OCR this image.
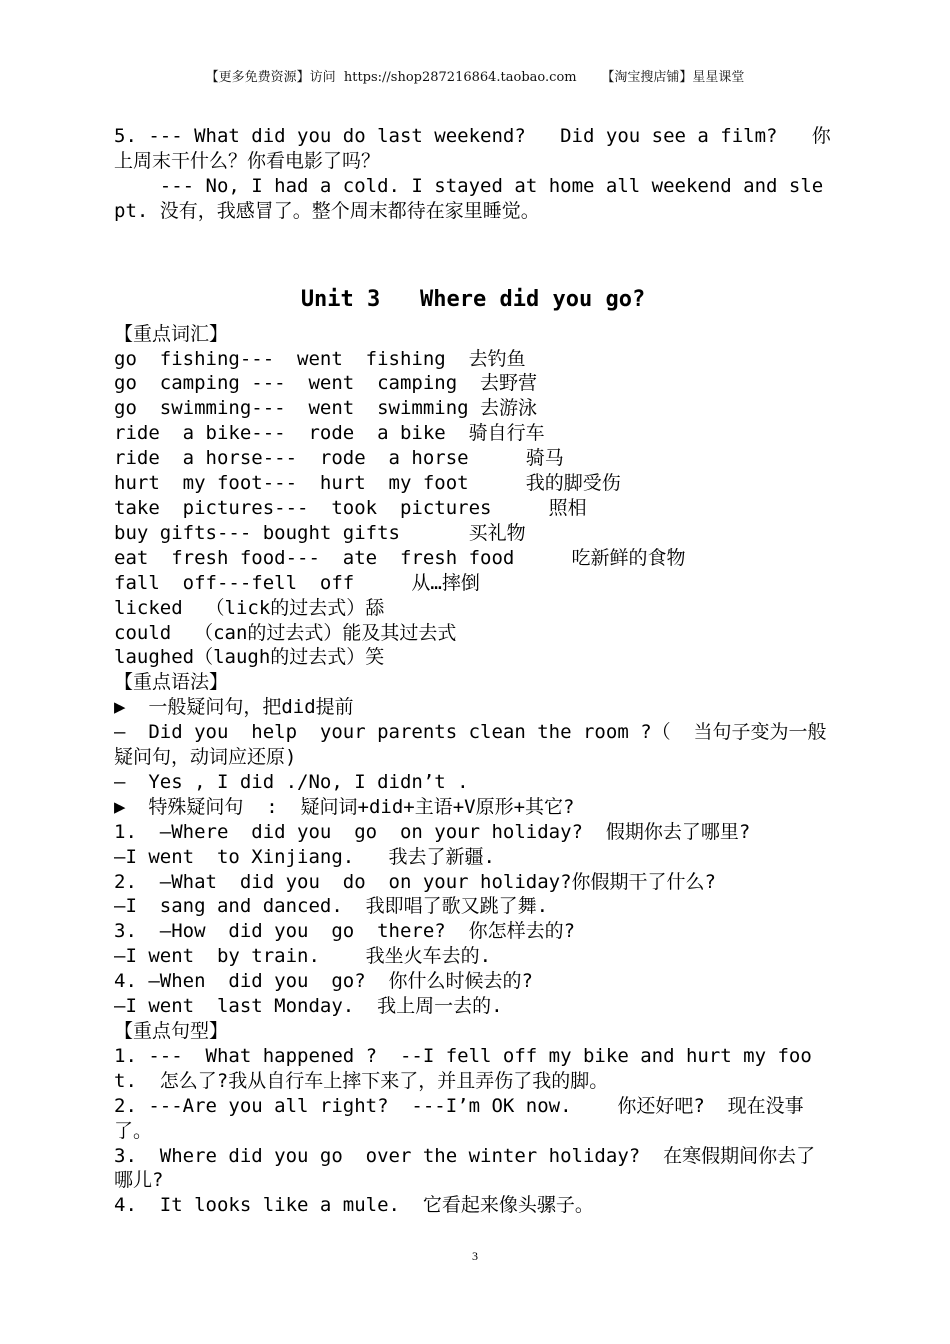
【更多免费资源】访问  https://shop287216864.taobao.com      【淘宝搜店铺】星星课堂

5. --- What did you do last weekend?   Did you see a film?   你上周末干什么？你看电影了吗？

--- No, I had a cold. I stayed at home all weekend and slept. 没有，我感冒了。整个周末都待在家里睡觉。

Unit 3   Where did you go?

【重点词汇】

go  fishing---  went  fishing  去钓鱼

go  camping ---  went  camping  去野营

go  swimming---  went  swimming 去游泳

ride  a bike---  rode  a bike  骑自行车

ride  a horse---  rode  a horse     骑马

hurt  my foot---  hurt  my foot     我的脚受伤

take  pictures---  took  pictures     照相

buy gifts--- bought gifts      买礼物

eat  fresh food---  ate  fresh food     吃新鲜的食物

fall  off---fell  off     从…摔倒

licked  （lick的过去式）舔

could  （can的过去式）能及其过去式

laughed（laugh的过去式）笑

【重点语法】

▶  一般疑问句，把did提前

—  Did you  help  your parents clean the room ?（  当句子变为一般疑问句，动词应还原)

—  Yes , I did ./No, I didn’t .

▶  特殊疑问句  :  疑问词+did+主语+V原形+其它?

1.  —Where  did you  go  on your holiday?  假期你去了哪里?

—I went  to Xinjiang.   我去了新疆.

2.  —What  did you  do  on your holiday?你假期干了什么?

—I  sang and danced.  我即唱了歌又跳了舞.

3.  —How  did you  go  there?  你怎样去的?

—I went  by train.    我坐火车去的.

4. —When  did you  go?  你什么时候去的?

—I went  last Monday.  我上周一去的.

【重点句型】

1. ---  What happened ?  --I fell off my bike and hurt my foot.  怎么了?我从自行车上摔下来了，并且弄伤了我的脚。

2. ---Are you all right?  ---I’m OK now.    你还好吧?  现在没事了。

3.  Where did you go  over the winter holiday?  在寒假期间你去了哪儿?

4.  It looks like a mule.  它看起来像头骡子。

3
